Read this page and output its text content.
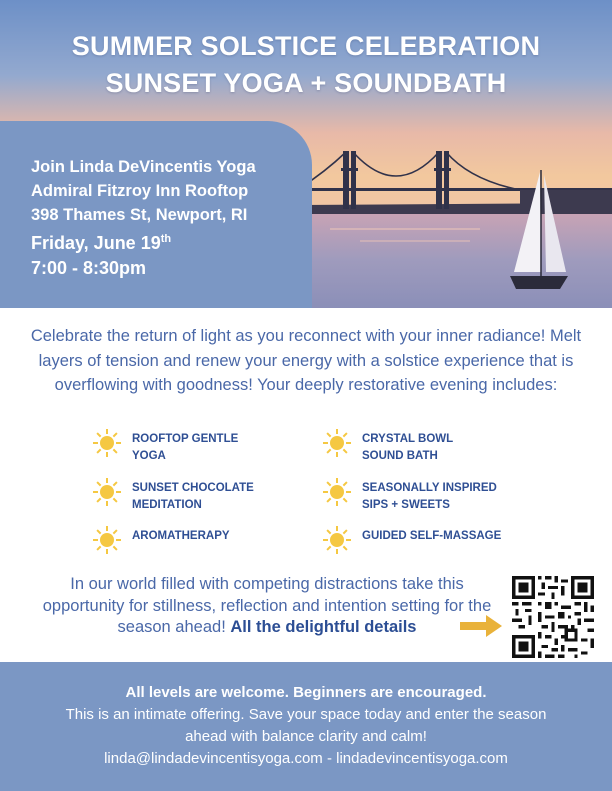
SUMMER SOLSTICE CELEBRATION
SUNSET YOGA + SOUNDBATH
Join Linda DeVincentis Yoga
Admiral Fitzroy Inn Rooftop
398 Thames St, Newport, RI
Friday, June 19th
7:00 - 8:30pm
Celebrate the return of light as you reconnect with your inner radiance! Melt layers of tension and renew your energy with a solstice experience that is overflowing with goodness! Your deeply restorative evening includes:
ROOFTOP GENTLE
YOGA
CRYSTAL BOWL
SOUND BATH
SUNSET CHOCOLATE
MEDITATION
SEASONALLY INSPIRED
SIPS + SWEETS
AROMATHERAPY	GUIDED SELF-MASSAGE
In our world filled with competing distractions take this opportunity for stillness, reflection and intention setting for the season ahead! All the delightful details
All levels are welcome. Beginners are encouraged.
This is an intimate offering. Save your space today and enter the season
ahead with balance clarity and calm!
linda@lindadevincentisyoga.com - lindadevincentisyoga.com
